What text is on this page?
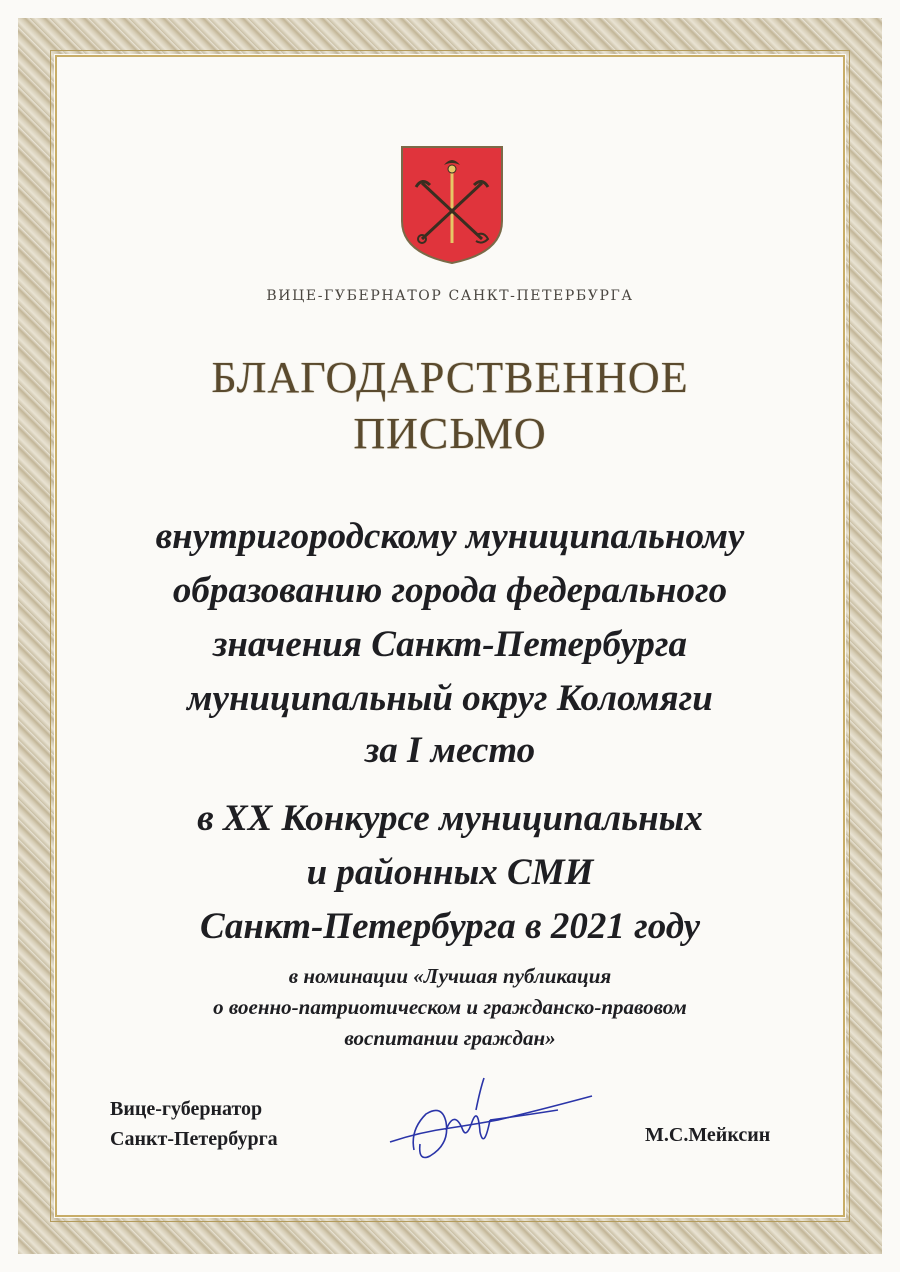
ВИЦЕ-ГУБЕРНАТОР САНКТ-ПЕТЕРБУРГА
БЛАГОДАРСТВЕННОЕ
ПИСЬМО
внутригородскому муниципальному
образованию города федерального
значения Санкт-Петербурга
муниципальный округ Коломяги
за I место
в XX Конкурсе муниципальных
и районных СМИ
Санкт-Петербурга в 2021 году
в номинации «Лучшая публикация
о военно-патриотическом и гражданско-правовом
воспитании граждан»
Вице-губернатор
Санкт-Петербурга	М.С.Мейксин
